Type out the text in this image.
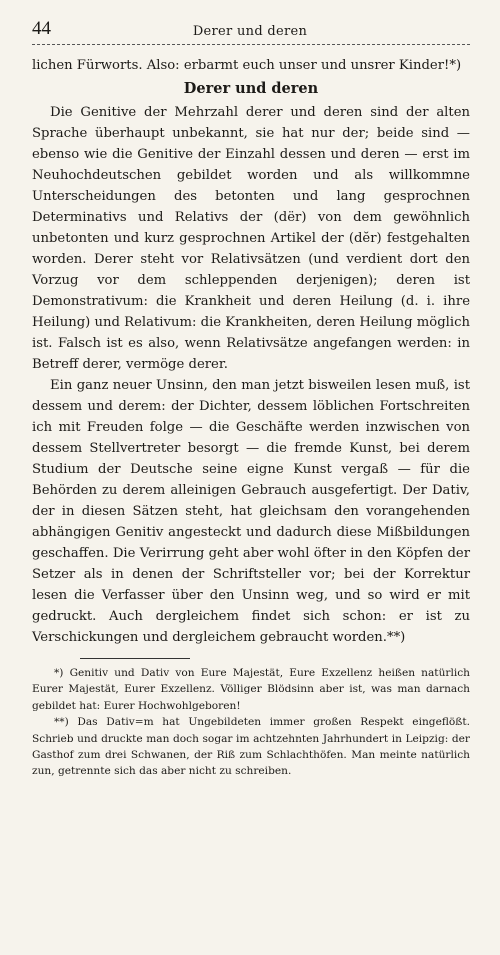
44	Derer und deren

lichen Fürworts. Also: erbarmt euch unser und unsrer Kinder!*)

Derer und deren

Die Genitive der Mehrzahl derer und deren sind der alten Sprache überhaupt unbekannt, sie hat nur der; beide sind — ebenso wie die Genitive der Einzahl dessen und deren — erst im Neuhochdeutschen gebildet worden und als willkommne Unterscheidungen des betonten und lang gesprochnen Determinativs und Relativs der (dër) von dem gewöhnlich unbetonten und kurz gesprochnen Artikel der (dĕr) festgehalten worden. Derer steht vor Relativsätzen (und verdient dort den Vorzug vor dem schleppenden derjenigen); deren ist Demonstrativum: die Krankheit und deren Heilung (d. i. ihre Heilung) und Relativum: die Krankheiten, deren Heilung möglich ist. Falsch ist es also, wenn Relativsätze angefangen werden: in Betreff derer, vermöge derer.

Ein ganz neuer Unsinn, den man jetzt bisweilen lesen muß, ist dessem und derem: der Dichter, dessem löblichen Fortschreiten ich mit Freuden folge — die Geschäfte werden inzwischen von dessem Stellvertreter besorgt — die fremde Kunst, bei derem Studium der Deutsche seine eigne Kunst vergaß — für die Behörden zu derem alleinigen Gebrauch ausgefertigt. Der Dativ, der in diesen Sätzen steht, hat gleichsam den vorangehenden abhängigen Genitiv angesteckt und dadurch diese Mißbildungen geschaffen. Die Verirrung geht aber wohl öfter in den Köpfen der Setzer als in denen der Schriftsteller vor; bei der Korrektur lesen die Verfasser über den Unsinn weg, und so wird er mit gedruckt. Auch dergleichem findet sich schon: er ist zu Verschickungen und dergleichem gebraucht worden.**)

*) Genitiv und Dativ von Eure Majestät, Eure Exzellenz heißen natürlich Eurer Majestät, Eurer Exzellenz. Völliger Blödsinn aber ist, was man darnach gebildet hat: Eurer Hochwohlgeboren!

**) Das Dativ=m hat Ungebildeten immer großen Respekt eingeflößt. Schrieb und druckte man doch sogar im achtzehnten Jahrhundert in Leipzig: der Gasthof zum drei Schwanen, der Riß zum Schlachthöfen. Man meinte natürlich zun, getrennte sich das aber nicht zu schreiben.
